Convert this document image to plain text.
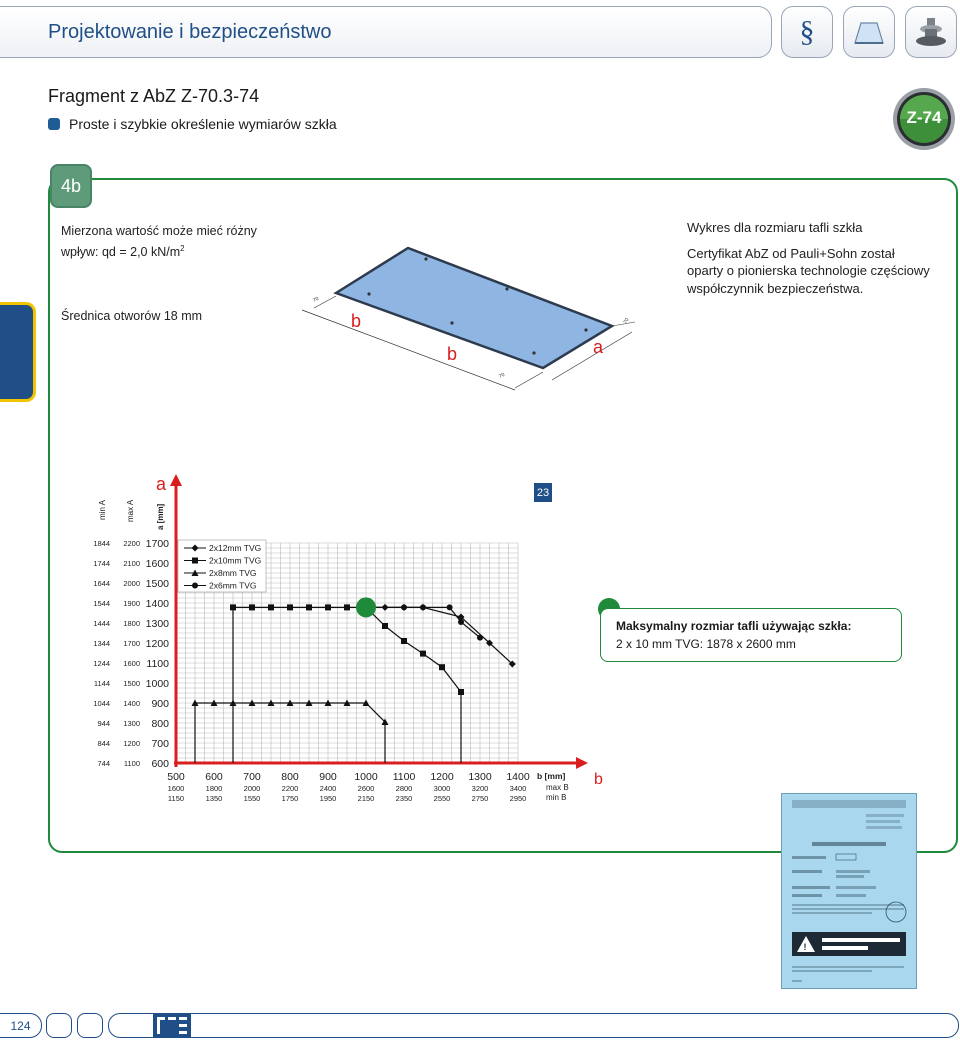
Projektowanie i bezpieczeństwo	§
Fragment z AbZ Z-70.3-74
Proste i szybkie określenie wymiarów szkła	Z-74
4b
Mierzona wartość może mieć różny
wpływ: qd = 2,0 $kN/m^2$
Średnica otworów 18 mm
Wykres dla rozmiaru tafli szkła
Certyfikat AbZ od Pauli+Sohn został
oparty o pionierska technologie częściowy
współczynnik bezpieczeństwa.
70
70
70
b
b	a
a
b
min A max A	a [mm]
1700
2200
1844
1600
2100
1744
1500
2000
1644
1400
1900
1544
1300
1800
1444
1200
1700
1344
1100
1600
1244
1000
1500
1144
900
1400
1044
800
1300
944
700
1200
844
600
1100
744
500
1600
1150
600
1800
1350
700
2000
1550
800
2200
1750
900
2400
1950
1000
2600
2150
1100
2800
2350
1200
3000
2550
1300
3200
2750
1400
3400
2950
b [mm]
max B
min B
2x12mm TVG
2x10mm TVG
2x8mm TVG
2x6mm TVG
23
Maksymalny rozmiar tafli używając szkła:
2 x 10 mm TVG: 1878 x 2600 mm
!
124
